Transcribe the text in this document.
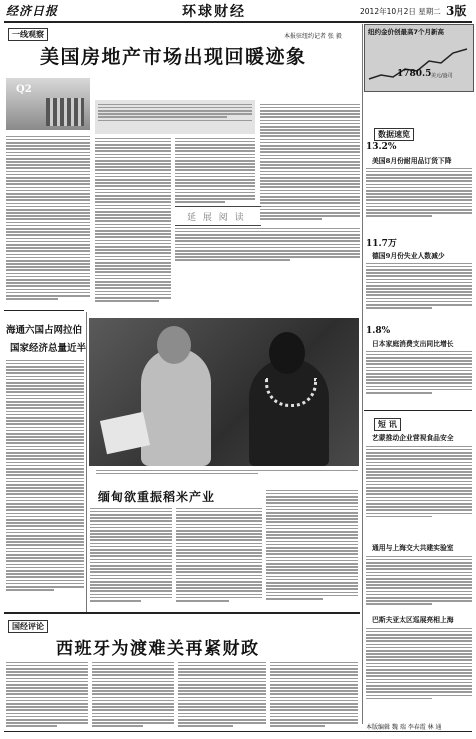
经济日报	环球财经	2012年10月2日 星期二 3版
一线观察	本报驻纽约记者 张 毅
美国房地产市场出现回暖迹象
Q2
延 展 阅 读
纽约金价创最高7个月新高
1780.5 美元/盎司
数据速览
13.2%
美国8月份耐用品订货下降
11.7万
德国9月份失业人数减少
1.8%
日本家庭消费支出同比增长
短 讯
艺蒙推动企业营视食品安全
通用与上海交大共建实验室
巴斯夫亚太区巡展亮相上海
海通六国占网拉伯
国家经济总量近半
缅甸欲重振稻米产业
国经评论
西班牙为渡难关再紧财政
本版编辑 魏 瑞 李春霞 林 通
